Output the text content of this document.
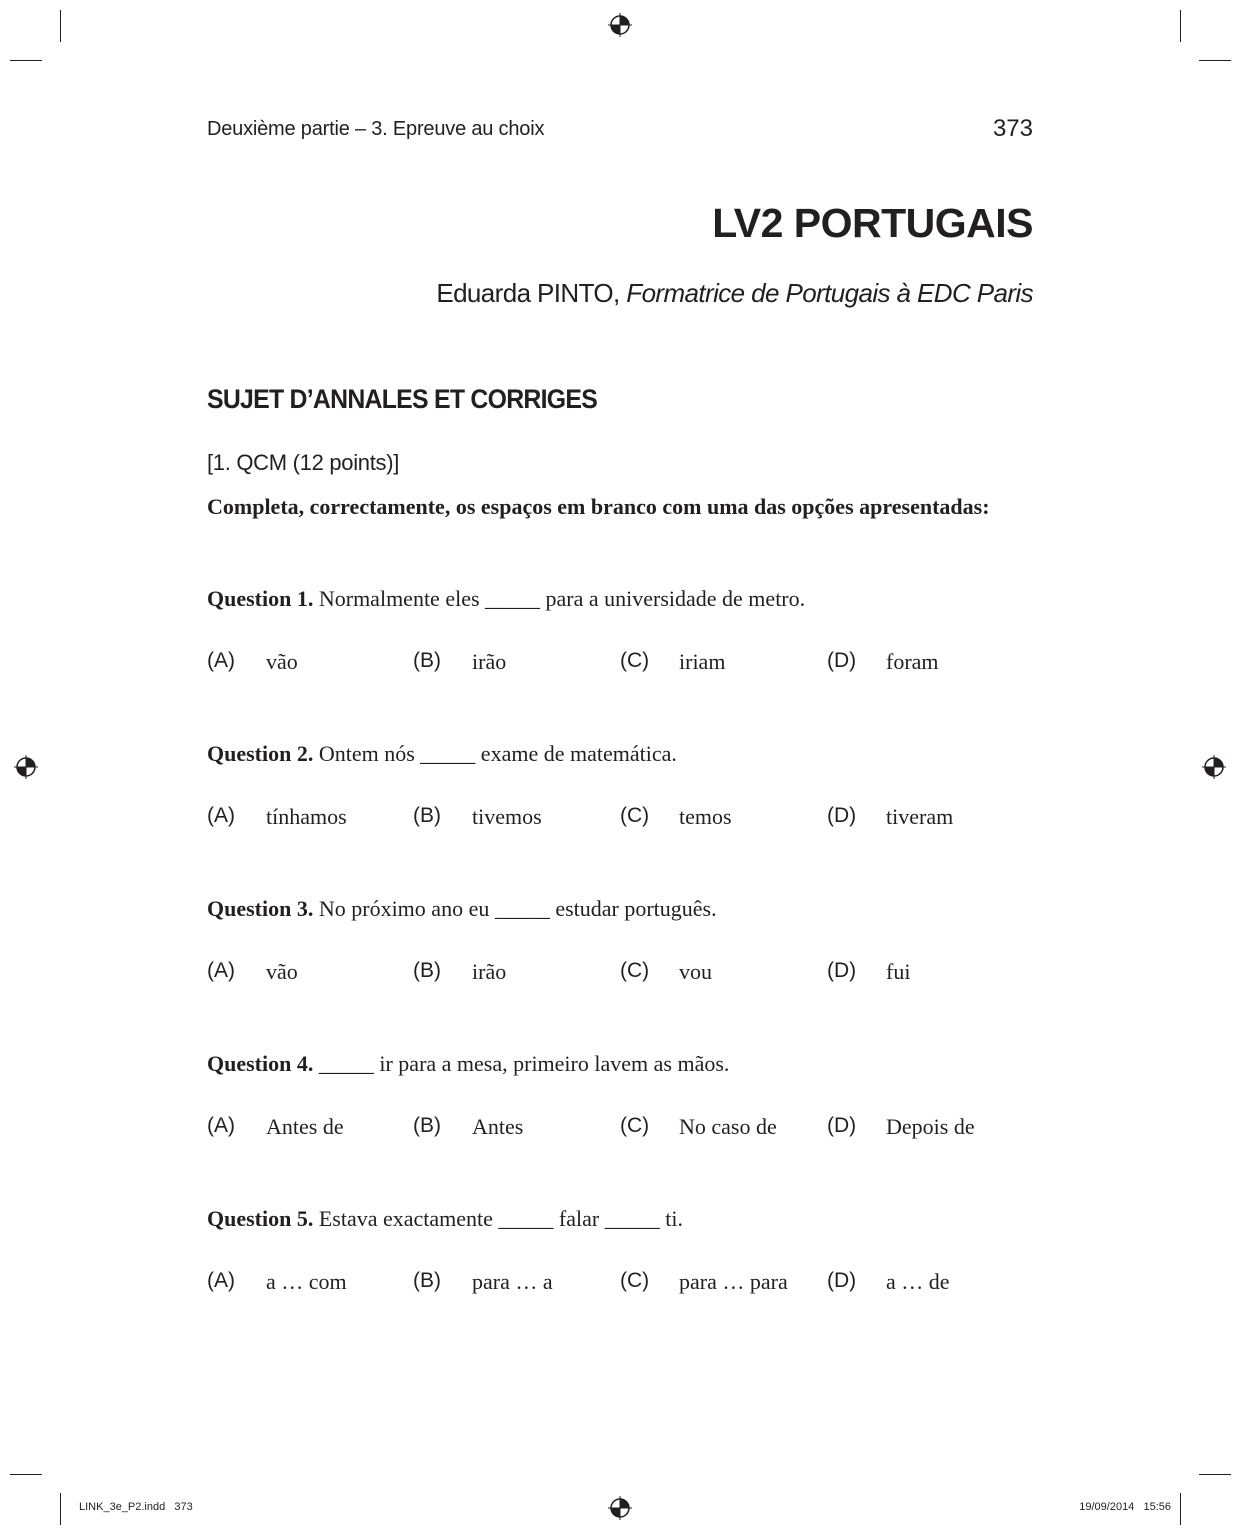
Deuxième partie – 3. Epreuve au choix	373
LV2 PORTUGAIS
Eduarda PINTO, Formatrice de Portugais à EDC Paris
SUJET D’ANNALES ET CORRIGES
[1. QCM (12 points)]
Completa, correctamente, os espaços em branco com uma das opções apresentadas:
Question 1. Normalmente eles _____ para a universidade de metro.
(A) vão	(B) irão	(C) iriam	(D) foram
Question 2. Ontem nós _____ exame de matemática.
(A) tínhamos	(B) tivemos	(C) temos	(D) tiveram
Question 3. No próximo ano eu _____ estudar português.
(A) vão	(B) irão	(C) vou	(D) fui
Question 4. _____ ir para a mesa, primeiro lavem as mãos.
(A) Antes de	(B) Antes	(C) No caso de (D) Depois de
Question 5. Estava exactamente _____ falar _____ ti.
(A) a … com	(B) para … a	(C) para … para (D) a … de
LINK_3e_P2.indd   373	19/09/2014   15:56
